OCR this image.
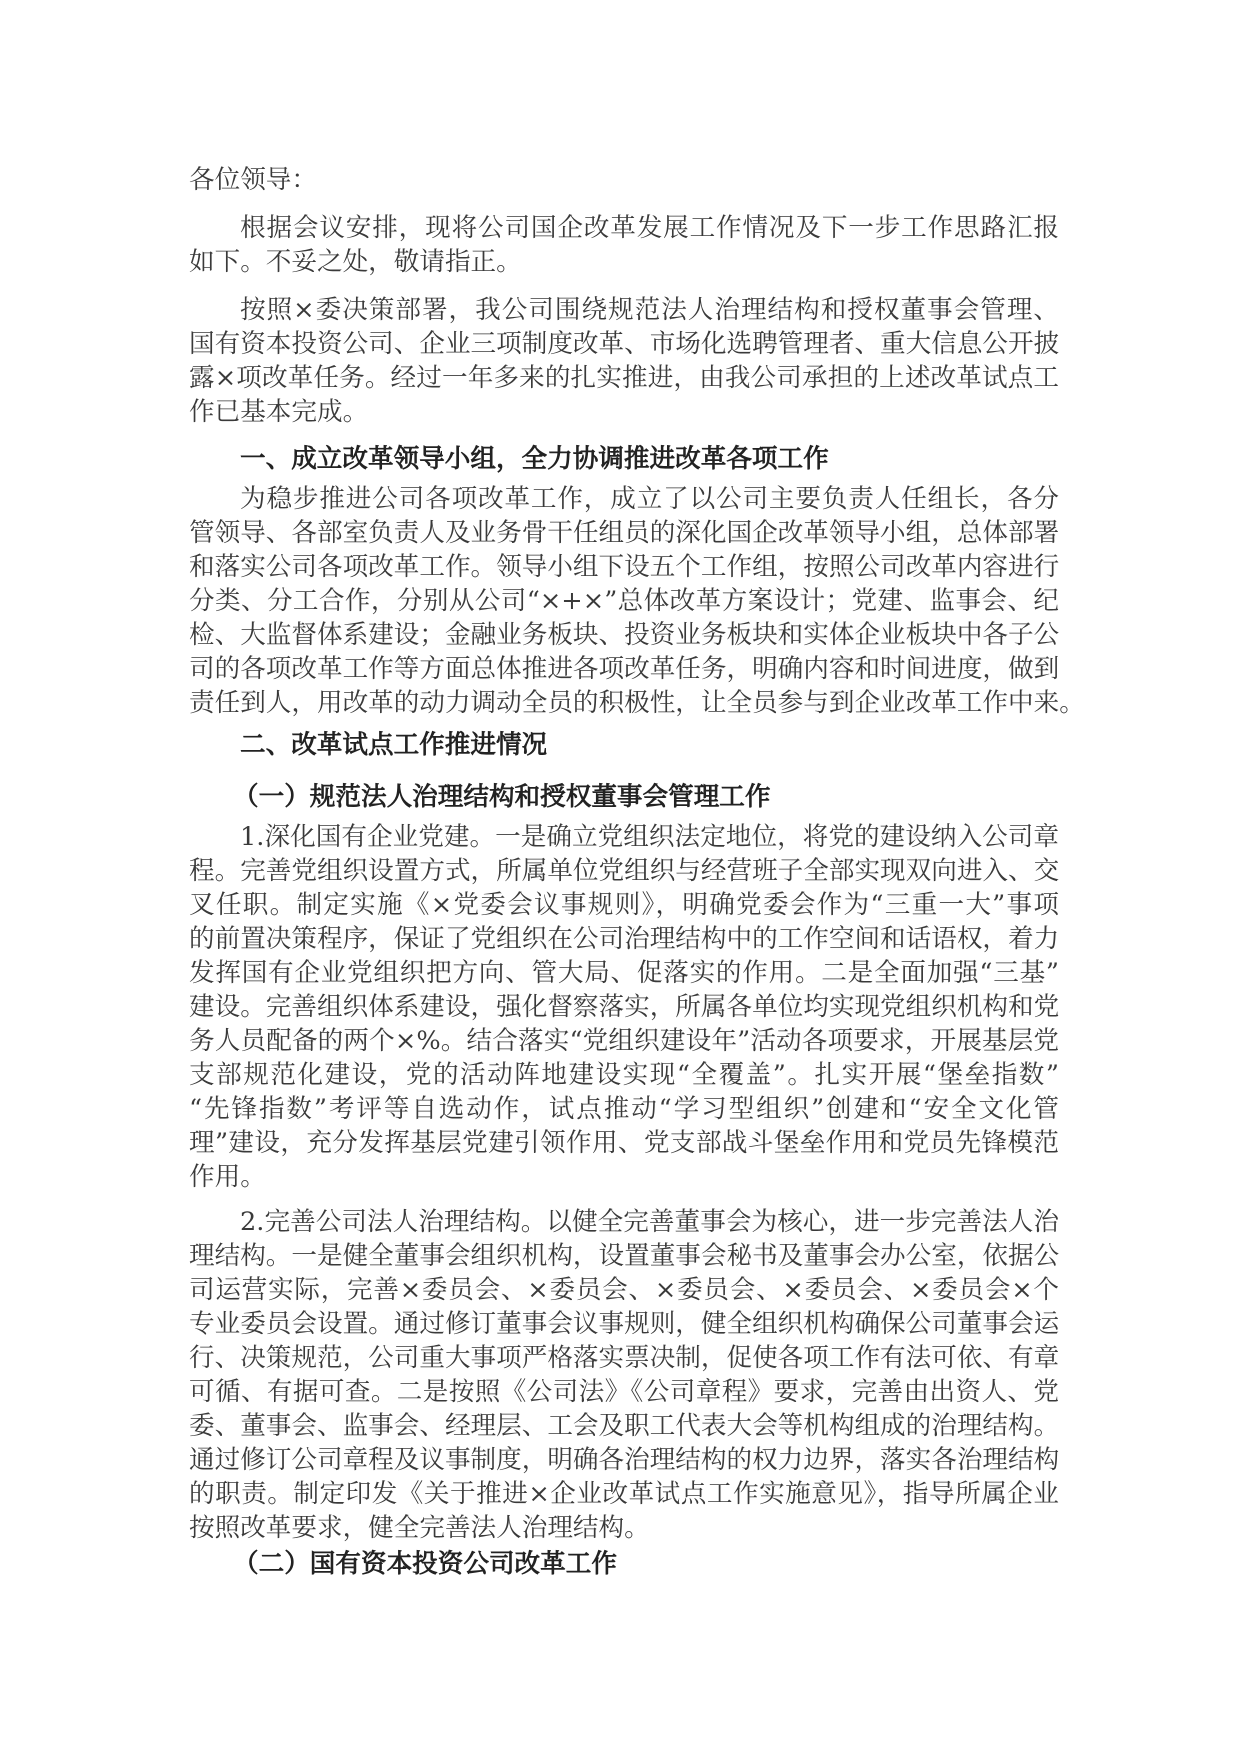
各位领导：
根据会议安排，现将公司国企改革发展工作情况及下一步工作思路汇报
如下。不妥之处，敬请指正。
按照×委决策部署，我公司围绕规范法人治理结构和授权董事会管理、
国有资本投资公司、企业三项制度改革、市场化选聘管理者、重大信息公开披
露×项改革任务。经过一年多来的扎实推进，由我公司承担的上述改革试点工
作已基本完成。
一、成立改革领导小组，全力协调推进改革各项工作
为稳步推进公司各项改革工作，成立了以公司主要负责人任组长，各分
管领导、各部室负责人及业务骨干任组员的深化国企改革领导小组，总体部署
和落实公司各项改革工作。领导小组下设五个工作组，按照公司改革内容进行
分类、分工合作，分别从公司“×+×”总体改革方案设计；党建、监事会、纪
检、大监督体系建设；金融业务板块、投资业务板块和实体企业板块中各子公
司的各项改革工作等方面总体推进各项改革任务，明确内容和时间进度，做到
责任到人，用改革的动力调动全员的积极性，让全员参与到企业改革工作中来。
二、改革试点工作推进情况
（一）规范法人治理结构和授权董事会管理工作
1.深化国有企业党建。一是确立党组织法定地位，将党的建设纳入公司章
程。完善党组织设置方式，所属单位党组织与经营班子全部实现双向进入、交
叉任职。制定实施《×党委会议事规则》，明确党委会作为“三重一大”事项
的前置决策程序，保证了党组织在公司治理结构中的工作空间和话语权，着力
发挥国有企业党组织把方向、管大局、促落实的作用。二是全面加强“三基”
建设。完善组织体系建设，强化督察落实，所属各单位均实现党组织机构和党
务人员配备的两个×%。结合落实“党组织建设年”活动各项要求，开展基层党
支部规范化建设，党的活动阵地建设实现“全覆盖”。扎实开展“堡垒指数”
“先锋指数”考评等自选动作，试点推动“学习型组织”创建和“安全文化管
理”建设，充分发挥基层党建引领作用、党支部战斗堡垒作用和党员先锋模范
作用。
2.完善公司法人治理结构。以健全完善董事会为核心，进一步完善法人治
理结构。一是健全董事会组织机构，设置董事会秘书及董事会办公室，依据公
司运营实际，完善×委员会、×委员会、×委员会、×委员会、×委员会×个
专业委员会设置。通过修订董事会议事规则，健全组织机构确保公司董事会运
行、决策规范，公司重大事项严格落实票决制，促使各项工作有法可依、有章
可循、有据可查。二是按照《公司法》《公司章程》要求，完善由出资人、党
委、董事会、监事会、经理层、工会及职工代表大会等机构组成的治理结构。
通过修订公司章程及议事制度，明确各治理结构的权力边界，落实各治理结构
的职责。制定印发《关于推进×企业改革试点工作实施意见》，指导所属企业
按照改革要求，健全完善法人治理结构。
（二）国有资本投资公司改革工作
